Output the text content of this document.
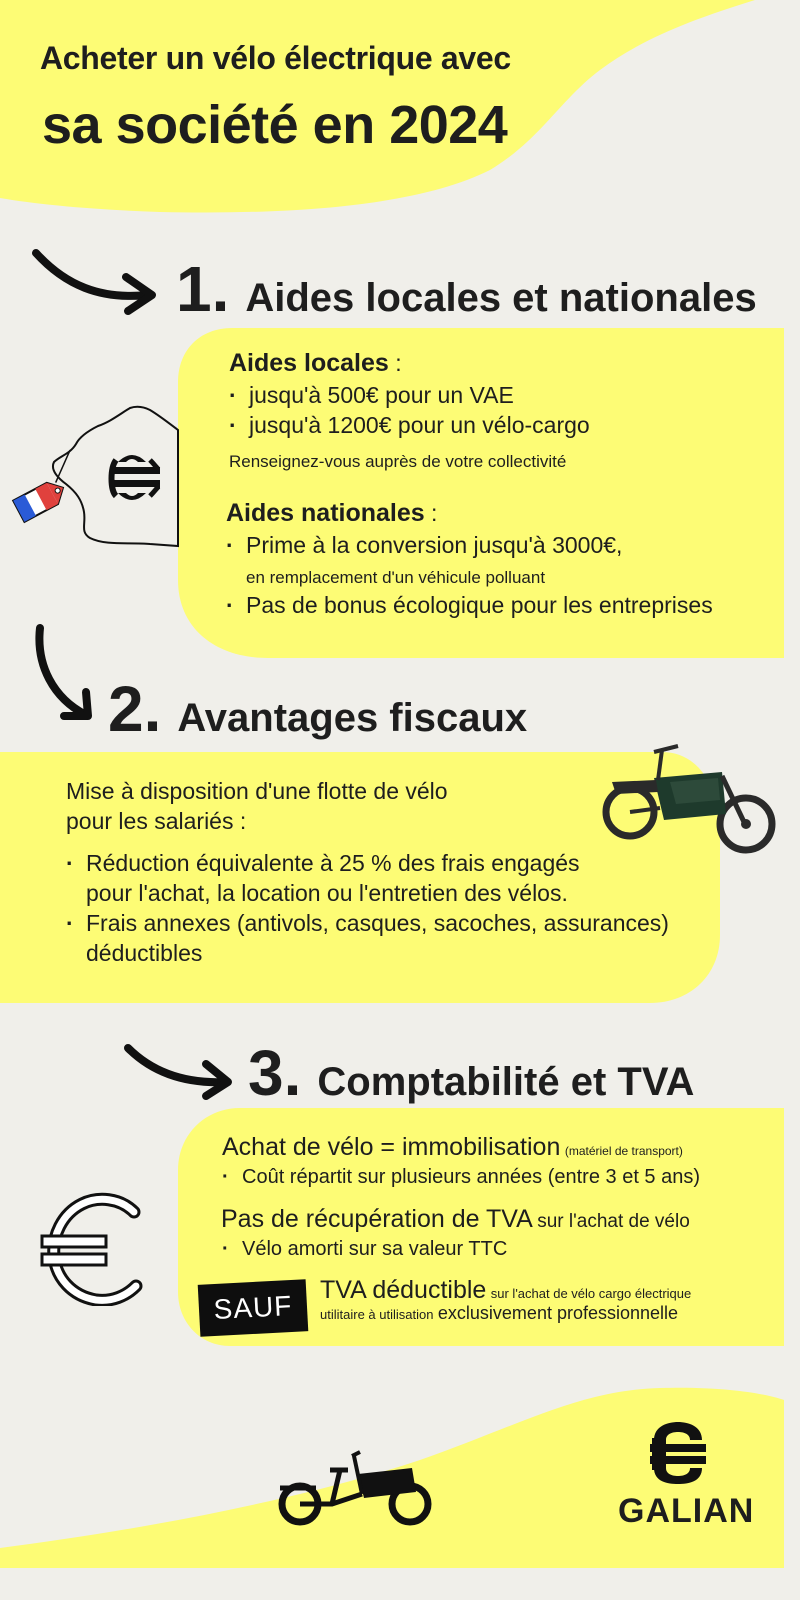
Acheter un vélo électrique avec
sa société en 2024
1. Aides locales et nationales
Aides locales :
· jusqu'à 500€ pour un VAE
· jusqu'à 1200€ pour un vélo-cargo
Renseignez-vous auprès de votre collectivité
Aides nationales :
· Prime à la conversion jusqu'à 3000€,
en remplacement d'un véhicule polluant
· Pas de bonus écologique pour les entreprises
2. Avantages fiscaux
Mise à disposition d'une flotte de vélo
pour les salariés :
· Réduction équivalente à 25 % des frais engagés
pour l'achat, la location ou l'entretien des vélos.
· Frais annexes (antivols, casques, sacoches, assurances)
déductibles
3. Comptabilité et TVA
Achat de vélo = immobilisation (matériel de transport)
· Coût répartit sur plusieurs années (entre 3 et 5 ans)
Pas de récupération de TVA sur l'achat de vélo
· Vélo amorti sur sa valeur TTC
SAUF	TVA déductible sur l'achat de vélo cargo électrique
utilitaire à utilisation exclusivement professionnelle
GALIAN
